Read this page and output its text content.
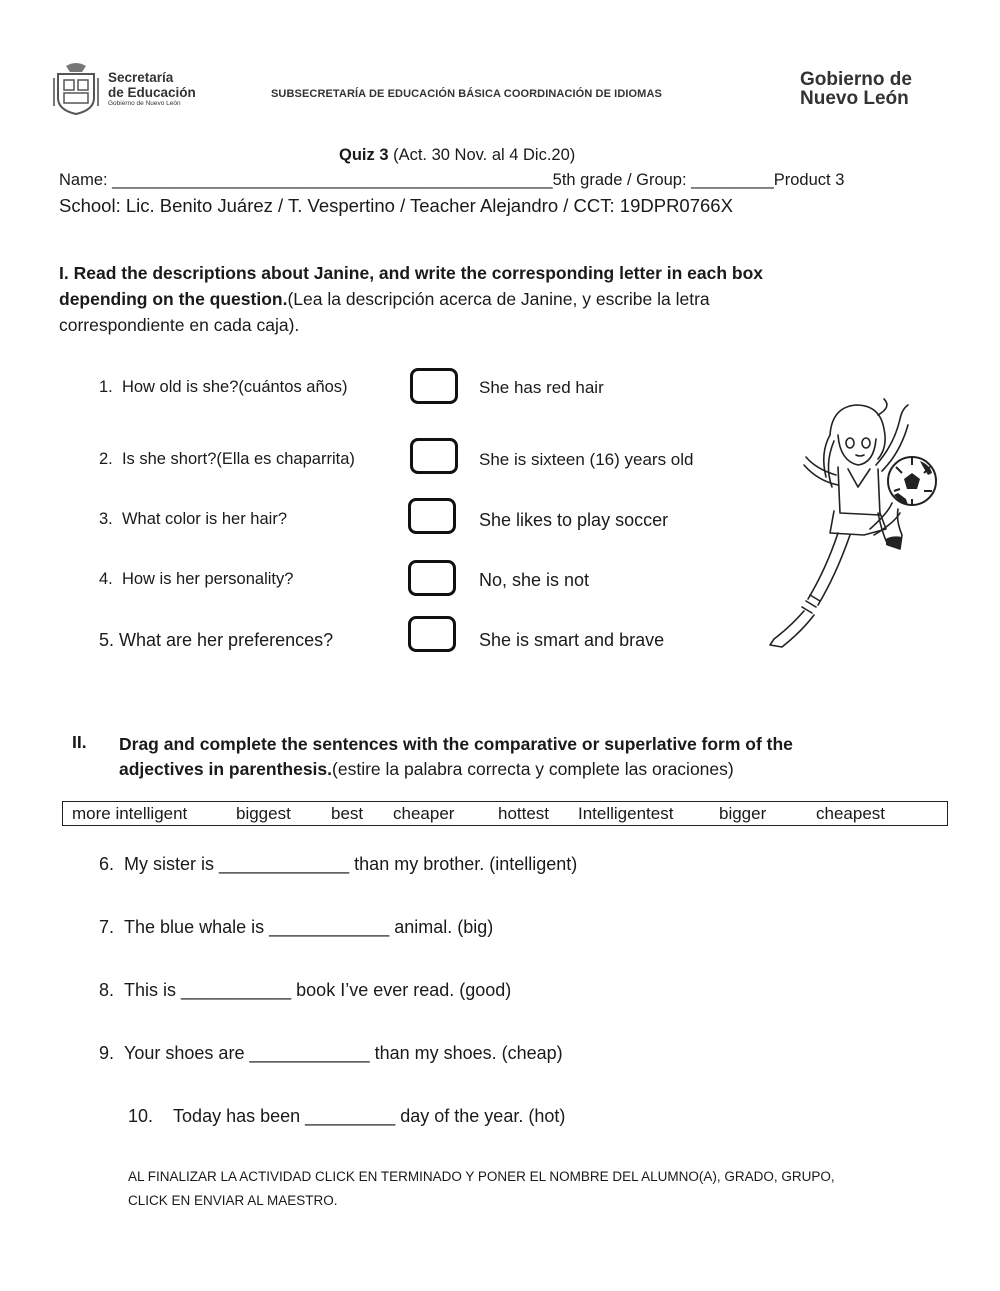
Secretaría
de Educación
Gobierno de Nuevo León
SUBSECRETARÍA DE EDUCACIÓN BÁSICA COORDINACIÓN DE IDIOMAS
Gobierno de
Nuevo León
Quiz 3 (Act. 30 Nov. al 4 Dic.20)
Name: ________________________________________________5th grade / Group: _________Product 3
School: Lic. Benito Juárez / T. Vespertino / Teacher Alejandro / CCT: 19DPR0766X
I. Read the descriptions about Janine, and write the corresponding letter in each box
depending on the question.(Lea la descripción acerca de Janine, y escribe la letra
correspondiente en cada caja).
1. How old is she?(cuántos años)
2. Is she short?(Ella es chaparrita)
3. What color is her hair?
4. How is her personality?
5. What are her preferences?
She has red hair
She is sixteen (16) years old
She likes to play soccer
No, she is not
She is smart and brave
II. Drag and complete the sentences with the comparative or superlative form of the
adjectives in parenthesis.(estire la palabra correcta y complete las oraciones)
more intelligent	biggest best cheaper	hottest Intelligentest	bigger	cheapest
6. My sister is _____________ than my brother. (intelligent)
7. The blue whale is ____________ animal. (big)
8. This is ___________ book I’ve ever read. (good)
9. Your shoes are ____________ than my shoes. (cheap)
10. Today has been _________ day of the year. (hot)
AL FINALIZAR LA ACTIVIDAD CLICK EN TERMINADO Y PONER EL NOMBRE DEL ALUMNO(A), GRADO, GRUPO,
CLICK EN ENVIAR AL MAESTRO.
